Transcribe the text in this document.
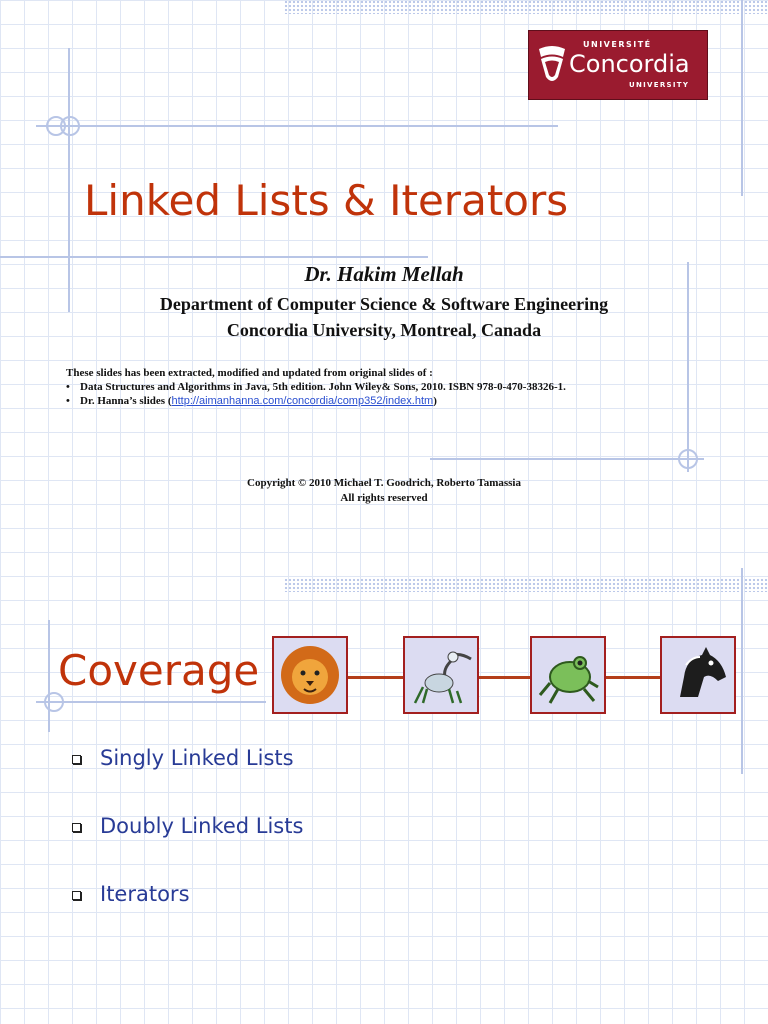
UNIVERSITÉ
Concordia
UNIVERSITY
Linked Lists & Iterators
Dr. Hakim Mellah
Department of Computer Science & Software Engineering
Concordia University, Montreal, Canada
These slides has been extracted, modified and updated from original slides of :
• Data Structures and Algorithms in Java, 5th edition. John Wiley& Sons, 2010. ISBN 978-0-470-38326-1.
• Dr. Hanna’s slides (http://aimanhanna.com/concordia/comp352/index.htm)
Copyright © 2010 Michael T. Goodrich, Roberto Tamassia
All rights reserved
Coverage
Singly Linked Lists
Doubly Linked Lists
Iterators
